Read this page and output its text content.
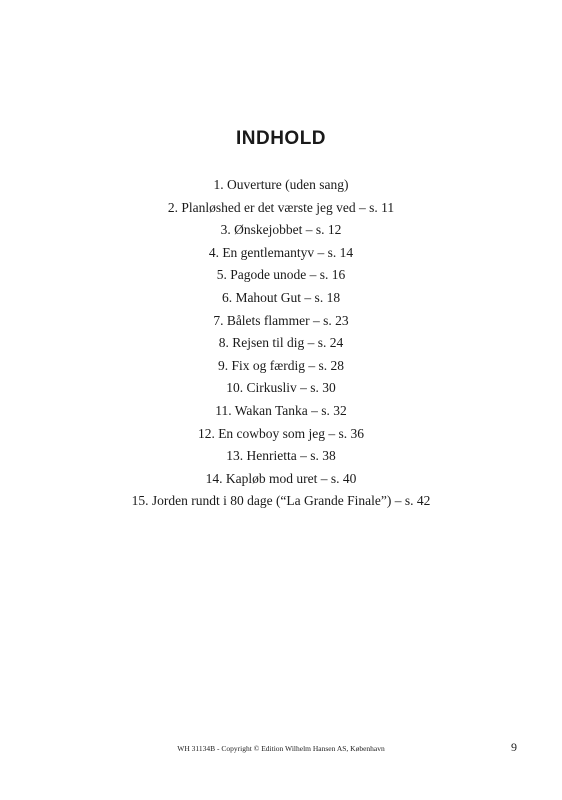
INDHOLD
1. Ouverture (uden sang)
2. Planløshed er det værste jeg ved – s. 11
3. Ønskejobbet – s. 12
4. En gentlemantyv – s. 14
5. Pagode unode – s. 16
6. Mahout Gut – s. 18
7. Bålets flammer – s. 23
8. Rejsen til dig – s. 24
9. Fix og færdig – s. 28
10. Cirkusliv – s. 30
11. Wakan Tanka – s. 32
12. En cowboy som jeg – s. 36
13. Henrietta – s. 38
14. Kapløb mod uret – s. 40
15. Jorden rundt i 80 dage (“La Grande Finale”) – s. 42
WH 31134B - Copyright © Edition Wilhelm Hansen AS, København	9
